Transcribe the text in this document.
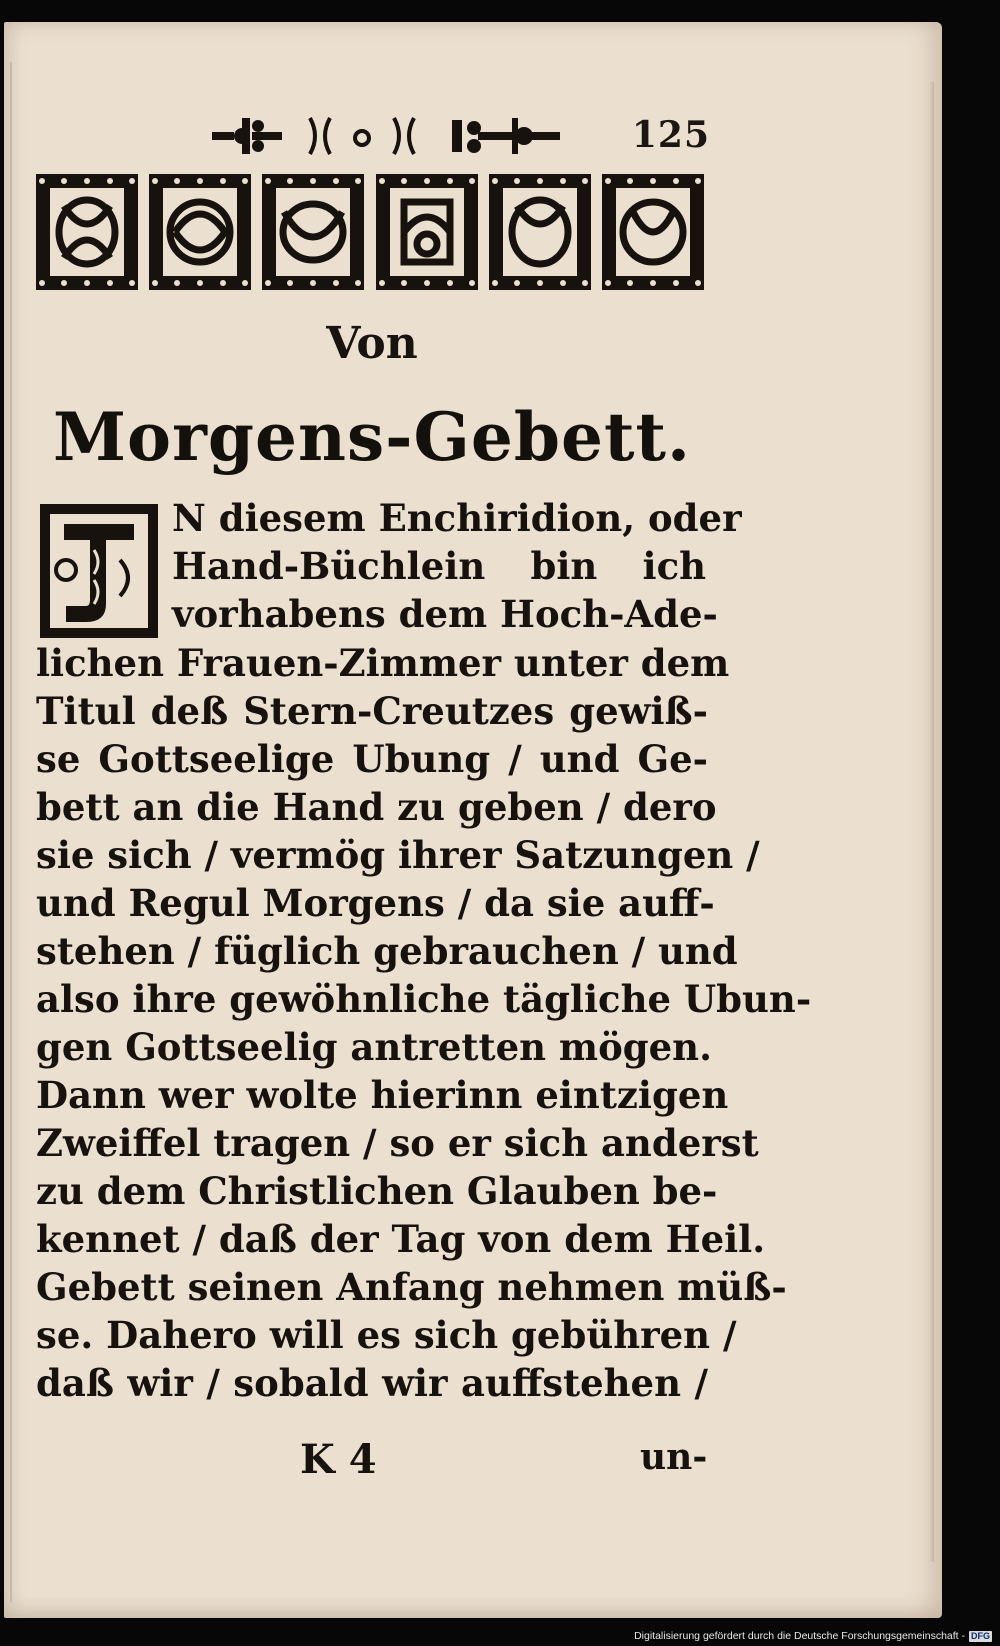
125
Von
Morgens-Gebett.
N diesem Enchiridion, oder
Hand-Büchlein bin ich
vorhabens dem Hoch-Ade-
lichen Frauen-Zimmer unter dem
Titul deß Stern-Creutzes gewiß-
se Gottseelige Ubung / und Ge-
bett an die Hand zu geben / dero
sie sich / vermög ihrer Satzungen /
und Regul Morgens / da sie auff-
stehen / füglich gebrauchen / und
also ihre gewöhnliche tägliche Ubun-
gen Gottseelig antretten mögen.
Dann wer wolte hierinn eintzigen
Zweiffel tragen / so er sich anderst
zu dem Christlichen Glauben be-
kennet / daß der Tag von dem Heil.
Gebett seinen Anfang nehmen müß-
se. Dahero will es sich gebühren /
daß wir / sobald wir auffstehen /
K 4	un-
Digitalisierung gefördert durch die Deutsche Forschungsgemeinschaft - DFG
